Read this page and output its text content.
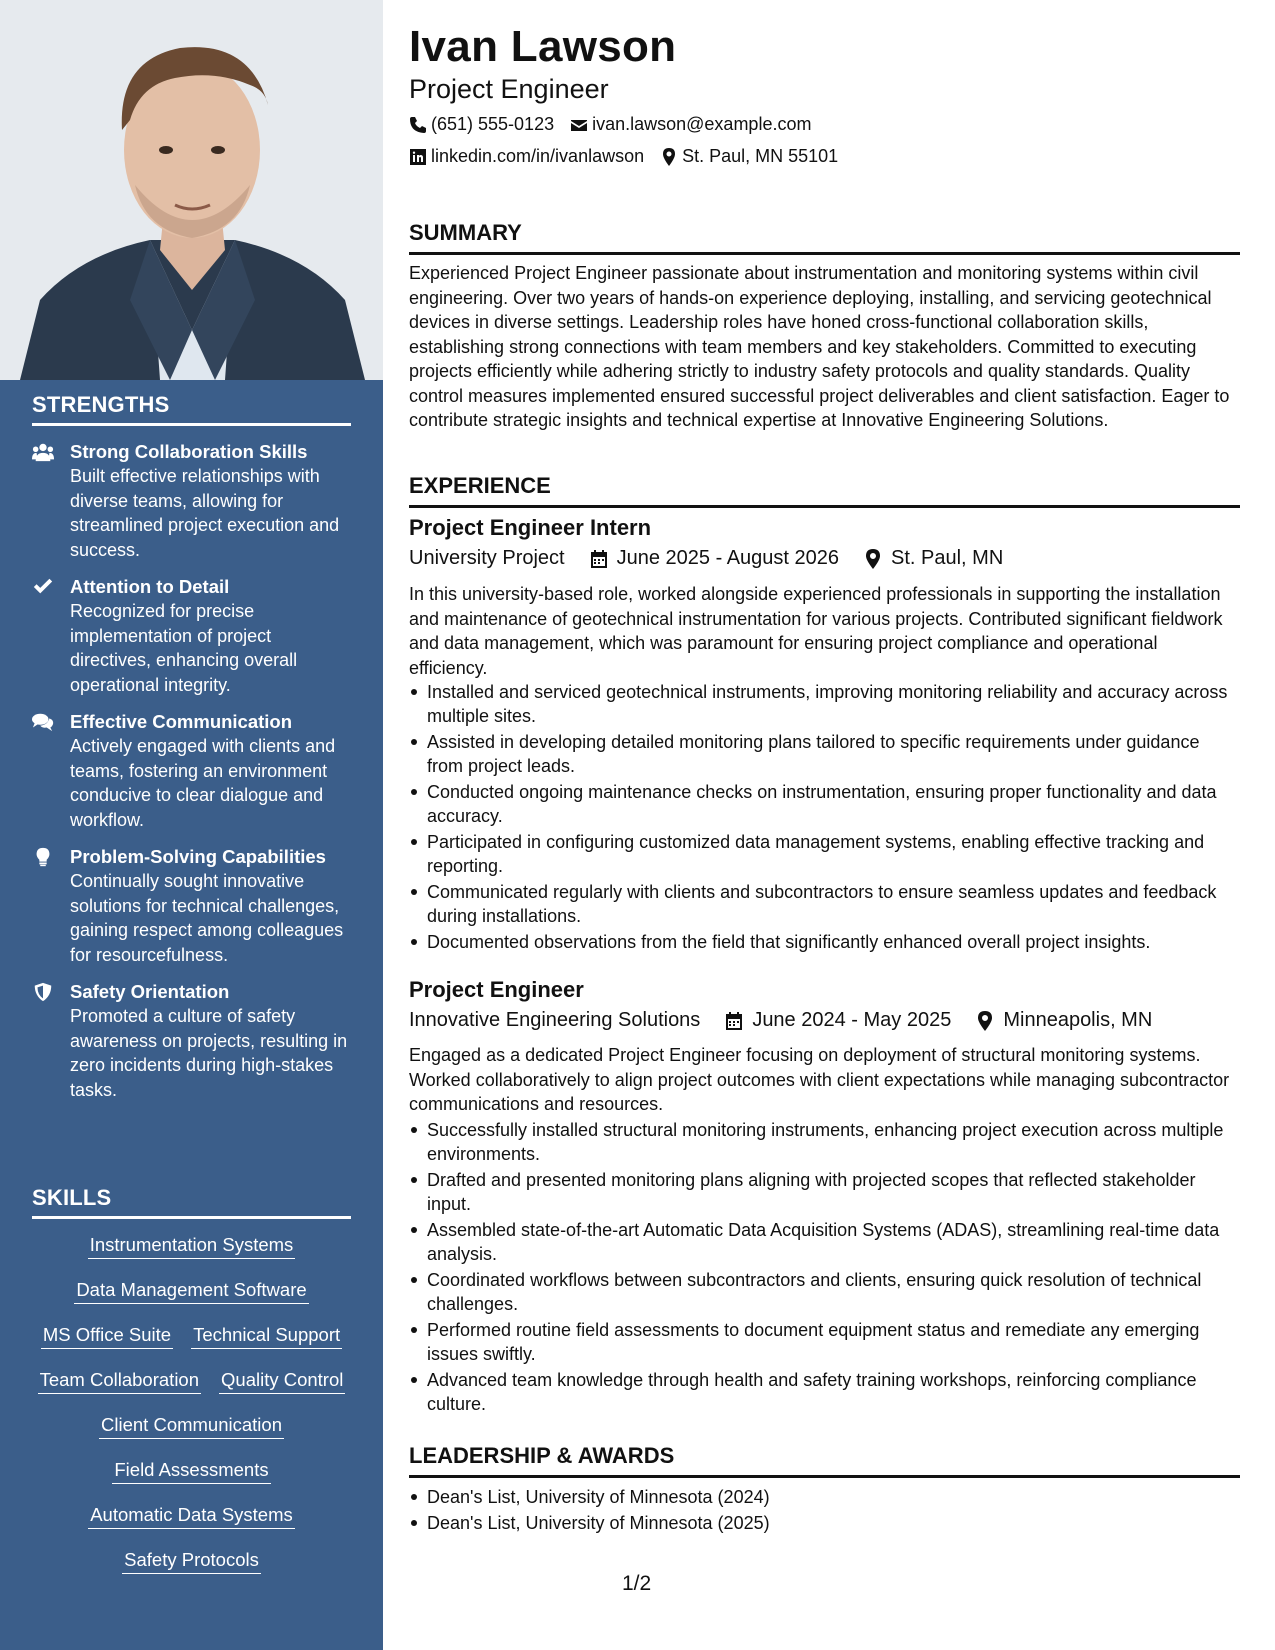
STRENGTHS
Strong Collaboration Skills
Built effective relationships with diverse teams, allowing for streamlined project execution and success.
Attention to Detail
Recognized for precise implementation of project directives, enhancing overall operational integrity.
Effective Communication
Actively engaged with clients and teams, fostering an environment conducive to clear dialogue and workflow.
Problem-Solving Capabilities
Continually sought innovative solutions for technical challenges, gaining respect among colleagues for resourcefulness.
Safety Orientation
Promoted a culture of safety awareness on projects, resulting in zero incidents during high-stakes tasks.
SKILLS
Instrumentation Systems
Data Management Software
MS Office Suite Technical Support
Team Collaboration Quality Control
Client Communication
Field Assessments
Automatic Data Systems
Safety Protocols
Ivan Lawson
Project Engineer
(651) 555-0123 ivan.lawson@example.com
linkedin.com/in/ivanlawson St. Paul, MN 55101
SUMMARY
Experienced Project Engineer passionate about instrumentation and monitoring systems within civil engineering. Over two years of hands-on experience deploying, installing, and servicing geotechnical devices in diverse settings. Leadership roles have honed cross-functional collaboration skills, establishing strong connections with team members and key stakeholders. Committed to executing projects efficiently while adhering strictly to industry safety protocols and quality standards. Quality control measures implemented ensured successful project deliverables and client satisfaction. Eager to contribute strategic insights and technical expertise at Innovative Engineering Solutions.
EXPERIENCE
Project Engineer Intern
University Project	June 2025 - August 2026	St. Paul, MN
In this university-based role, worked alongside experienced professionals in supporting the installation and maintenance of geotechnical instrumentation for various projects. Contributed significant fieldwork and data management, which was paramount for ensuring project compliance and operational efficiency.
Installed and serviced geotechnical instruments, improving monitoring reliability and accuracy across multiple sites.
Assisted in developing detailed monitoring plans tailored to specific requirements under guidance from project leads.
Conducted ongoing maintenance checks on instrumentation, ensuring proper functionality and data accuracy.
Participated in configuring customized data management systems, enabling effective tracking and reporting.
Communicated regularly with clients and subcontractors to ensure seamless updates and feedback during installations.
Documented observations from the field that significantly enhanced overall project insights.
Project Engineer
Innovative Engineering Solutions	June 2024 - May 2025	Minneapolis, MN
Engaged as a dedicated Project Engineer focusing on deployment of structural monitoring systems. Worked collaboratively to align project outcomes with client expectations while managing subcontractor communications and resources.
Successfully installed structural monitoring instruments, enhancing project execution across multiple environments.
Drafted and presented monitoring plans aligning with projected scopes that reflected stakeholder input.
Assembled state-of-the-art Automatic Data Acquisition Systems (ADAS), streamlining real-time data analysis.
Coordinated workflows between subcontractors and clients, ensuring quick resolution of technical challenges.
Performed routine field assessments to document equipment status and remediate any emerging issues swiftly.
Advanced team knowledge through health and safety training workshops, reinforcing compliance culture.
LEADERSHIP & AWARDS
Dean's List, University of Minnesota (2024)
Dean's List, University of Minnesota (2025)
1/2
